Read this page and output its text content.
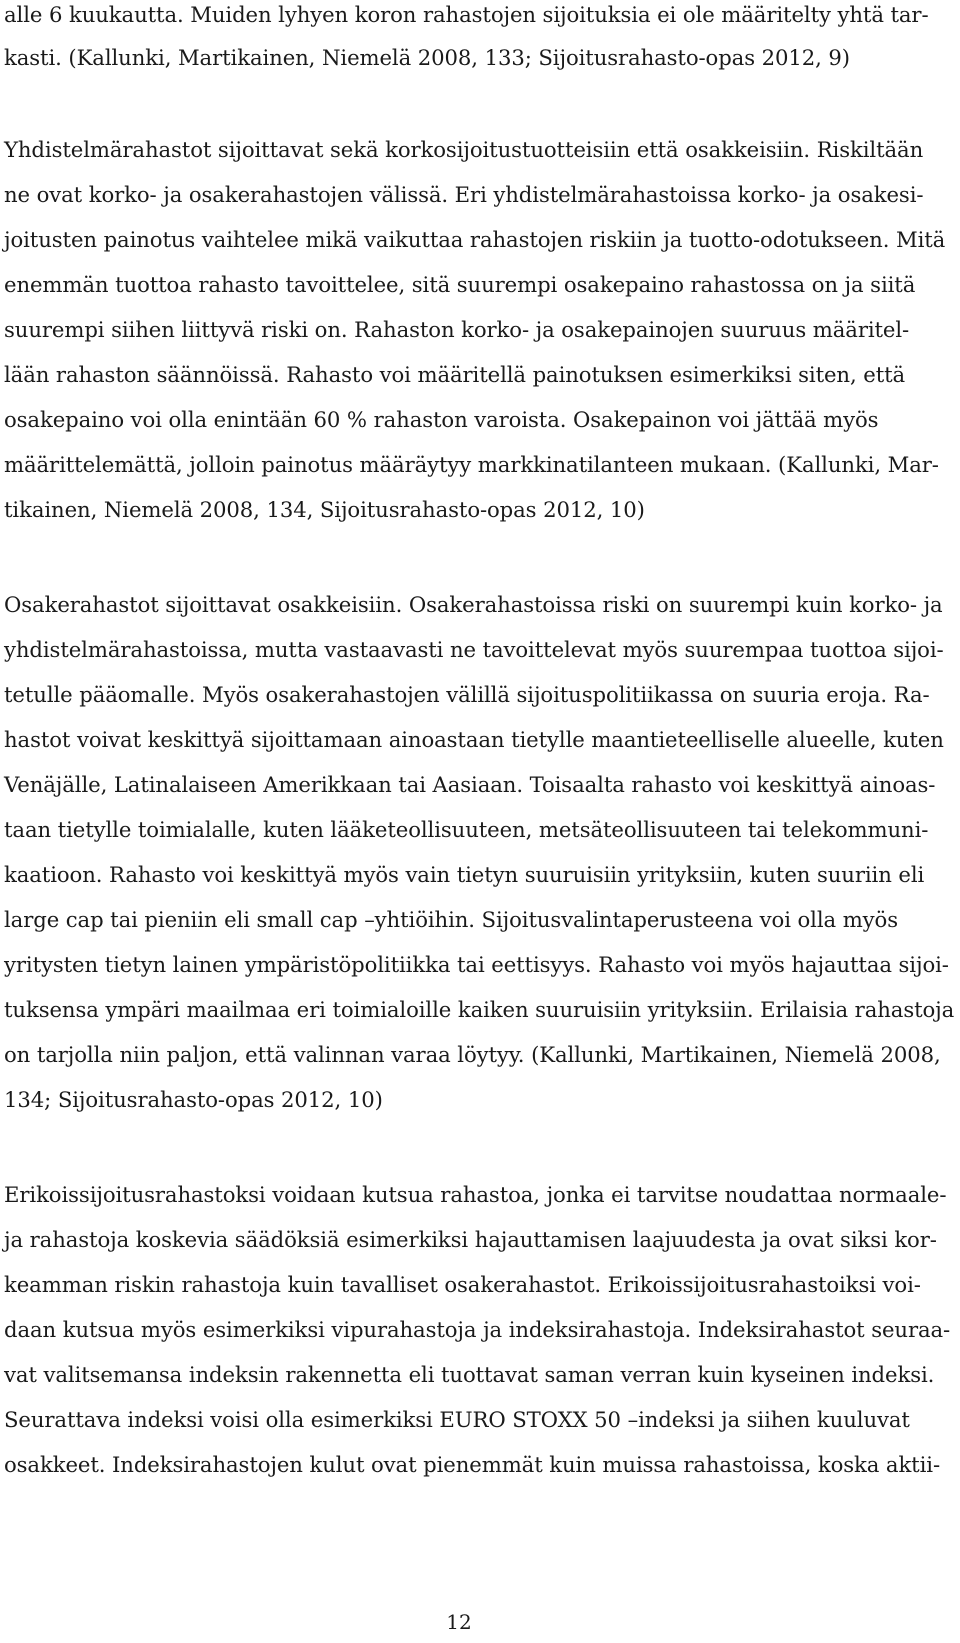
alle 6 kuukautta. Muiden lyhyen koron rahastojen sijoituksia ei ole määritelty yhtä tar-

kasti. (Kallunki, Martikainen, Niemelä 2008, 133; Sijoitusrahasto-opas 2012, 9)

Yhdistelmärahastot sijoittavat sekä korkosijoitustuotteisiin että osakkeisiin. Riskiltään

ne ovat korko- ja osakerahastojen välissä. Eri yhdistelmärahastoissa korko- ja osakesi-

joitusten painotus vaihtelee mikä vaikuttaa rahastojen riskiin ja tuotto-odotukseen. Mitä

enemmän tuottoa rahasto tavoittelee, sitä suurempi osakepaino rahastossa on ja siitä

suurempi siihen liittyvä riski on. Rahaston korko- ja osakepainojen suuruus määritel-

lään rahaston säännöissä. Rahasto voi määritellä painotuksen esimerkiksi siten, että

osakepaino voi olla enintään 60 % rahaston varoista. Osakepainon voi jättää myös

määrittelemättä, jolloin painotus määräytyy markkinatilanteen mukaan. (Kallunki, Mar-

tikainen, Niemelä 2008, 134, Sijoitusrahasto-opas 2012, 10)

Osakerahastot sijoittavat osakkeisiin. Osakerahastoissa riski on suurempi kuin korko- ja

yhdistelmärahastoissa, mutta vastaavasti ne tavoittelevat myös suurempaa tuottoa sijoi-

tetulle pääomalle. Myös osakerahastojen välillä sijoituspolitiikassa on suuria eroja. Ra-

hastot voivat keskittyä sijoittamaan ainoastaan tietylle maantieteelliselle alueelle, kuten

Venäjälle, Latinalaiseen Amerikkaan tai Aasiaan. Toisaalta rahasto voi keskittyä ainoas-

taan tietylle toimialalle, kuten lääketeollisuuteen, metsäteollisuuteen tai telekommuni-

kaatioon. Rahasto voi keskittyä myös vain tietyn suuruisiin yrityksiin, kuten suuriin eli

large cap tai pieniin eli small cap –yhtiöihin. Sijoitusvalintaperusteena voi olla myös

yritysten tietyn lainen ympäristöpolitiikka tai eettisyys. Rahasto voi myös hajauttaa sijoi-

tuksensa ympäri maailmaa eri toimialoille kaiken suuruisiin yrityksiin. Erilaisia rahastoja

on tarjolla niin paljon, että valinnan varaa löytyy. (Kallunki, Martikainen, Niemelä 2008,

134; Sijoitusrahasto-opas 2012, 10)

Erikoissijoitusrahastoksi voidaan kutsua rahastoa, jonka ei tarvitse noudattaa normaale-

ja rahastoja koskevia säädöksiä esimerkiksi hajauttamisen laajuudesta ja ovat siksi kor-

keamman riskin rahastoja kuin tavalliset osakerahastot. Erikoissijoitusrahastoiksi voi-

daan kutsua myös esimerkiksi vipurahastoja ja indeksirahastoja. Indeksirahastot seuraa-

vat valitsemansa indeksin rakennetta eli tuottavat saman verran kuin kyseinen indeksi.

Seurattava indeksi voisi olla esimerkiksi EURO STOXX 50 –indeksi ja siihen kuuluvat

osakkeet. Indeksirahastojen kulut ovat pienemmät kuin muissa rahastoissa, koska aktii-

12
